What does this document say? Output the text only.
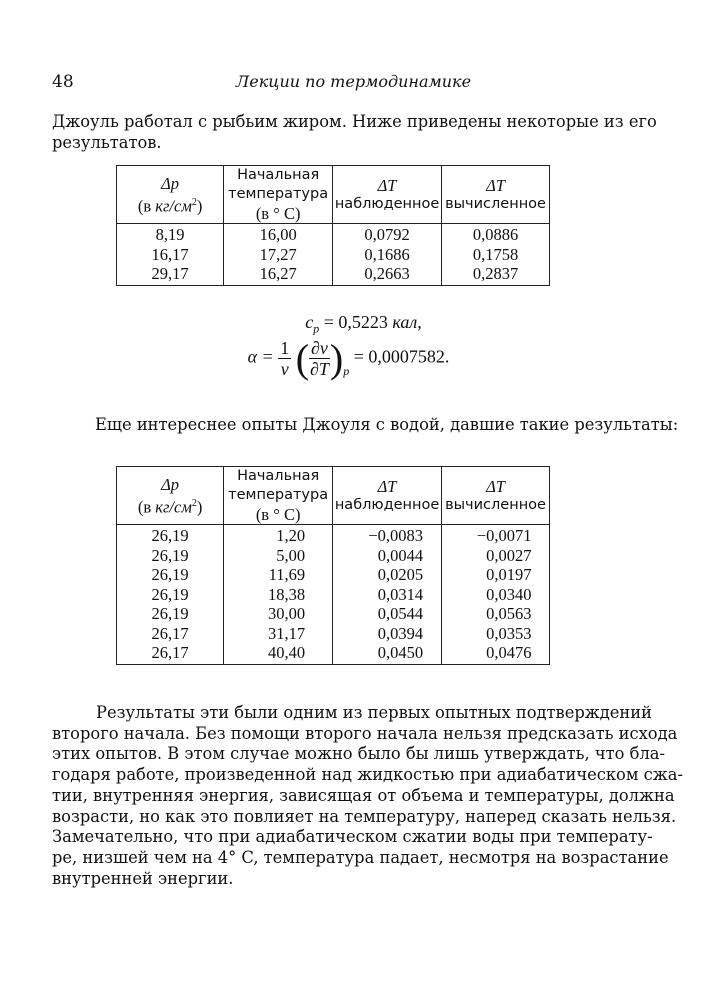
48	Лекции по термодинамике
Джоуль работал с рыбьим жиром. Ниже приведены некоторые из его
результатов.
Δp
(в $кг/см^2$)

Начальная
температура
(в ° C)

ΔT
наблюденное

ΔT
вычисленное

8,19	16,00	0,0792	0,0886
16,17	17,27	0,1686	0,1758
29,17	16,27	0,2663	0,2837
$c_p = 0,5223$ кал,
$\alpha = \frac{1}{v}$ ( $\frac{\partial v}{\partial T} )_p = 0,0007582$.
Еще интереснее опыты Джоуля с водой, давшие такие результаты:
Δp
(в $кг/см^2$)

Начальная
температура
(в ° C)

ΔT
наблюденное

ΔT
вычисленное

26,19	1,20	−0,0083	−0,0071
26,19	5,00	0,0044	0,0027
26,19	11,69	0,0205	0,0197
26,19	18,38	0,0314	0,0340
26,19	30,00	0,0544	0,0563
26,17	31,17	0,0394	0,0353
26,17	40,40	0,0450	0,0476
Результаты эти были одним из первых опытных подтверждений
второго начала. Без помощи второго начала нельзя предсказать исхода
этих опытов. В этом случае можно было бы лишь утверждать, что бла-
годаря работе, произведенной над жидкостью при адиабатическом сжа-
тии, внутренняя энергия, зависящая от объема и температуры, должна
возрасти, но как это повлияет на температуру, наперед сказать нельзя.
Замечательно, что при адиабатическом сжатии воды при температу-
ре, низшей чем на 4° C, температура падает, несмотря на возрастание
внутренней энергии.
